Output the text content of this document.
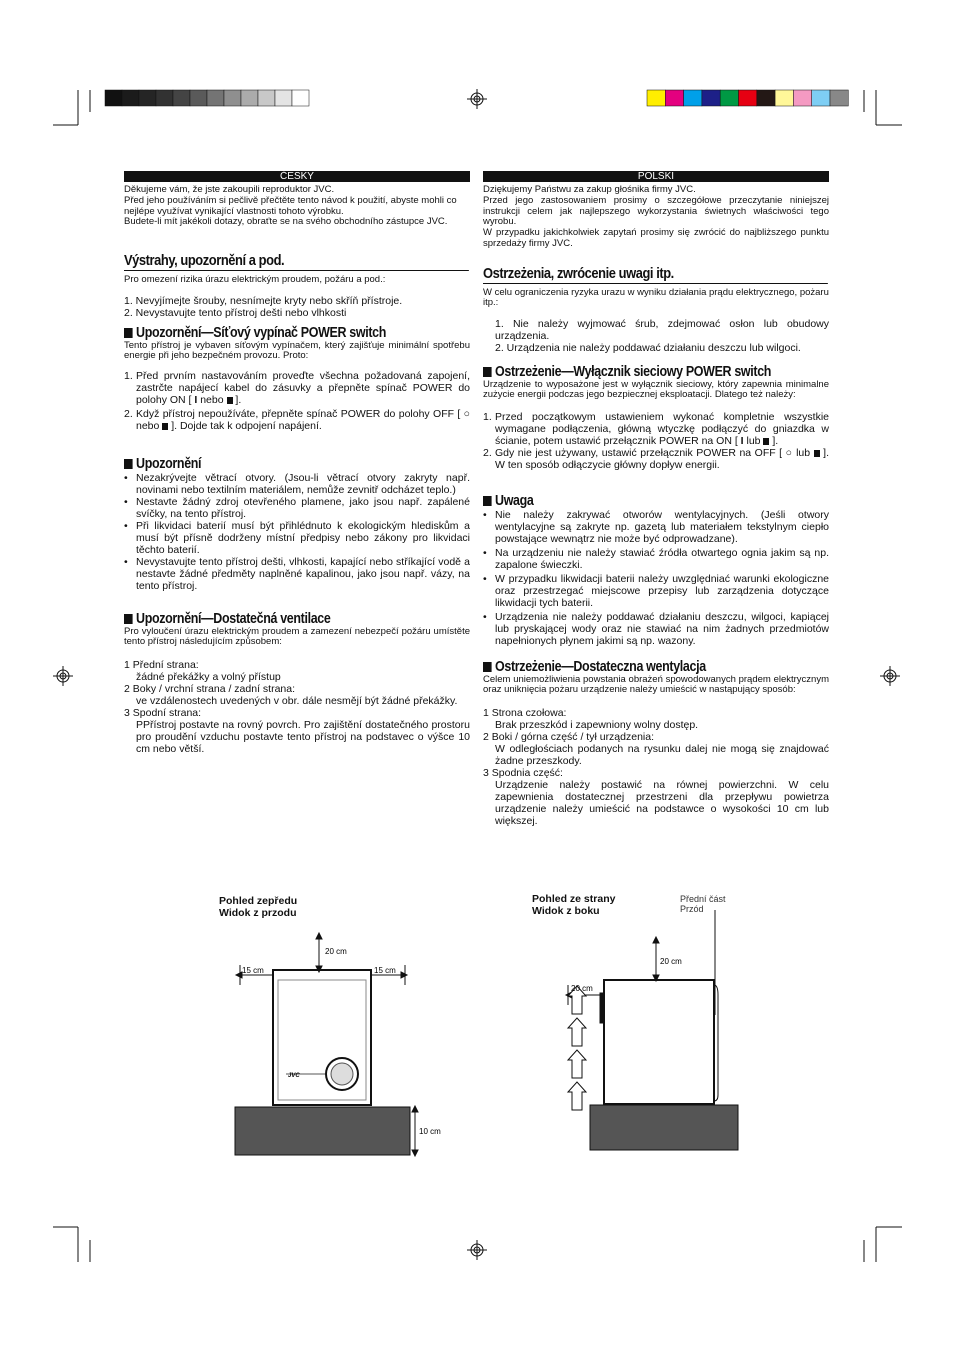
ČESKY
Děkujeme vám, že jste zakoupili reproduktor JVC.
Před jeho používáním si pečlivě přečtěte tento návod k použití, abyste mohli co nejlépe využívat vynikající vlastnosti tohoto výrobku.
Budete-li mít jakékoli dotazy, obraťte se na svého obchodního zástupce JVC.
Výstrahy, upozornění a pod.
Pro omezení rizika úrazu elektrickým proudem, požáru a pod.:
1. Nevyjímejte šrouby, nesnímejte kryty nebo skříň přístroje.
2. Nevystavujte tento přístroj dešti nebo vlhkosti
Upozornění—Síťový vypínač POWER switch
Tento přístroj je vybaven síťovým vypínačem, který zajišťuje minimální spotřebu energie při jeho bezpečném provozu. Proto:
1. Před prvním nastavováním proveďte všechna požadovaná zapojení, zastrčte napájecí kabel do zásuvky a přepněte spínač POWER do polohy ON [ I nebo  ].
2. Když přístroj nepoužíváte, přepněte spínač POWER do polohy OFF [ ○ nebo  ]. Dojde tak k odpojení napájení.
Upozornění
• Nezakrývejte větrací otvory. (Jsou-li větrací otvory zakryty např. novinami nebo textilním materiálem, nemůže zevnitř odcházet teplo.)
• Nestavte žádný zdroj otevřeného plamene, jako jsou např. zapálené svíčky, na tento přístroj.
• Při likvidaci baterií musí být přihlédnuto k ekologickým hlediskům a musí být přísně dodrženy místní předpisy nebo zákony pro likvidaci těchto baterií.
• Nevystavujte tento přístroj dešti, vlhkosti, kapající nebo stříkající vodě a nestavte žádné předměty naplněné kapalinou, jako jsou např. vázy, na tento přístroj.
Upozornění—Dostatečná ventilace
Pro vyloučení úrazu elektrickým proudem a zamezení nebezpečí požáru umístěte tento přístroj následujícím způsobem:
1 Přední strana:
žádné překážky a volný přístup
2 Boky / vrchní strana / zadní strana:
ve vzdálenostech uvedených v obr. dále nesmějí být žádné překážky.
3 Spodní strana:
PPřístroj postavte na rovný povrch. Pro zajištění dostatečného prostoru pro proudění vzduchu postavte tento přístroj na podstavec o výšce 10 cm nebo větší.
POLSKI
Dziękujemy Państwu za zakup głośnika firmy JVC.
Przed jego zastosowaniem prosimy o szczegółowe przeczytanie niniejszej instrukcji celem jak najlepszego wykorzystania świetnych właściwości tego wyrobu.
W przypadku jakichkolwiek zapytań prosimy się zwrócić do najbliższego punktu sprzedaży firmy JVC.
Ostrzeżenia, zwrócenie uwagi itp.
W celu ograniczenia ryzyka urazu w wyniku działania prądu elektrycznego, pożaru itp.:
1. Nie należy wyjmować śrub, zdejmować osłon lub obudowy urządzenia.
2. Urządzenia nie należy poddawać działaniu deszczu lub wilgoci.
Ostrzeżenie—Wyłącznik sieciowy POWER switch
Urządzenie to wyposażone jest w wyłącznik sieciowy, który zapewnia minimalne zużycie energii podczas jego bezpiecznej eksploatacji. Dlatego też należy:
1. Przed początkowym ustawieniem wykonać kompletnie wszystkie wymagane podłączenia, główną wtyczkę podłączyć do gniazdka w ścianie, potem ustawić przełącznik POWER na ON [ I lub  ].
2. Gdy nie jest używany, ustawić przełącznik POWER na OFF [ ○ lub  ]. W ten sposób odłączycie główny dopływ energii.
Uwaga
• Nie należy zakrywać otworów wentylacyjnych. (Jeśli otwory wentylacyjne są zakryte np. gazetą lub materiałem tekstylnym ciepło powstające wewnątrz nie może być odprowadzane).
• Na urządzeniu nie należy stawiać źródła otwartego ognia jakim są np. zapalone świeczki.
• W przypadku likwidacji baterii należy uwzględniać warunki ekologiczne oraz przestrzegać miejscowe przepisy lub zarządzenia dotyczące likwidacji tych baterii.
• Urządzenia nie należy poddawać działaniu deszczu, wilgoci, kapiącej lub pryskającej wody oraz nie stawiać na nim żadnych przedmiotów napełnionych płynem jakimi są np. wazony.
Ostrzeżenie—Dostateczna wentylacja
Celem uniemożliwienia powstania obrażeń spowodowanych prądem elektrycznym oraz uniknięcia pożaru urządzenie należy umieścić w nastąpujący sposób:
1 Strona czołowa:
Brak przeszkód i zapewniony wolny dostęp.
2 Boki / górna część / tył urządzenia:
W odległościach podanych na rysunku dalej nie mogą się znajdować żadne przeszkody.
3 Spodnia część:
Urządzenie należy postawić na równej powierzchni. W celu zapewnienia dostatecznej przestrzeni dla przepływu powietrza urządzenie należy umieścić na podstawce o wysokości 10 cm lub większej.
Pohled zepředu
Widok z przodu
Pohled ze strany
Widok z boku
Přední část
Przód
20 cm
15 cm	15 cm
10 cm
JVC
20 cm
20 cm
